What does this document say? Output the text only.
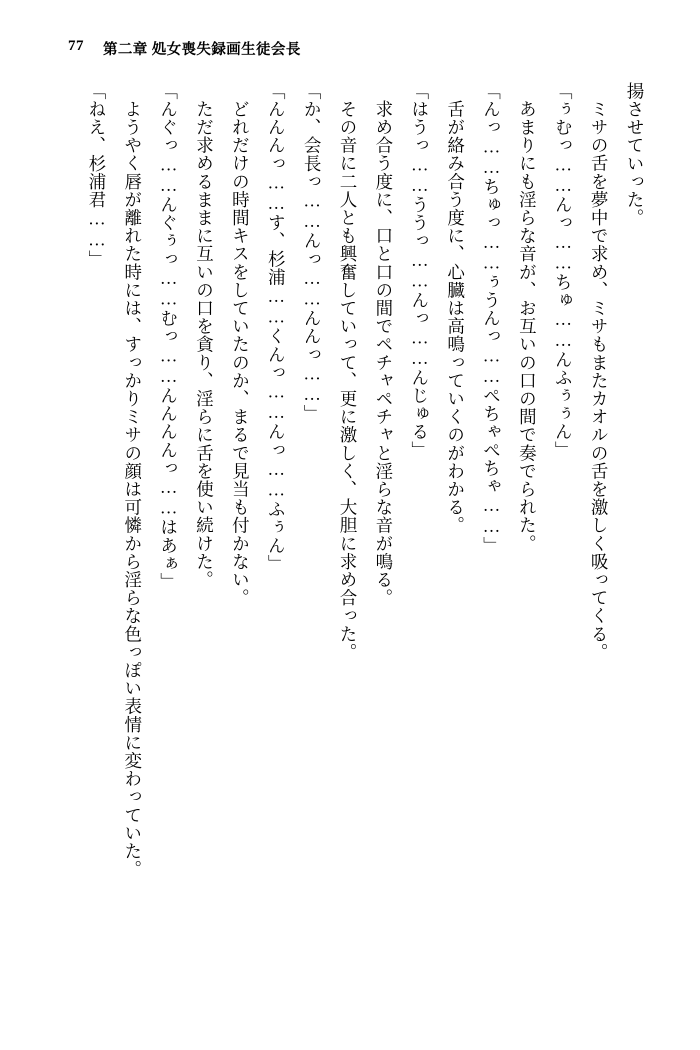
77 第二章 処女喪失録画生徒会長

揚させていった。

ミサの舌を夢中で求め、ミサもまたカオルの舌を激しく吸ってくる。

「ぅむっ……んっ……ちゅ……んふぅぅん」

あまりにも淫らな音が、お互いの口の間で奏でられた。

「んっ……ちゅっ……ぅうんっ……ぺちゃぺちゃ……」

舌が絡み合う度に、心臓は高鳴っていくのがわかる。

「はうっ……ううっ……んっ……んじゅる」

求め合う度に、口と口の間でペチャペチャと淫らな音が鳴る。

その音に二人とも興奮していって、更に激しく、大胆に求め合った。

「か、会長っ……んっ……んんっ……」

「んんんっ……す、杉浦……くんっ……んっ……ふぅん」

どれだけの時間キスをしていたのか、まるで見当も付かない。

ただ求めるままに互いの口を貪り、淫らに舌を使い続けた。

「んぐっ……んぐぅっ……むっ……んんんんっ……はあぁ」

ようやく唇が離れた時には、すっかりミサの顔は可憐から淫らな色っぽい表情に変わっていた。

「ねえ、杉浦君……」
